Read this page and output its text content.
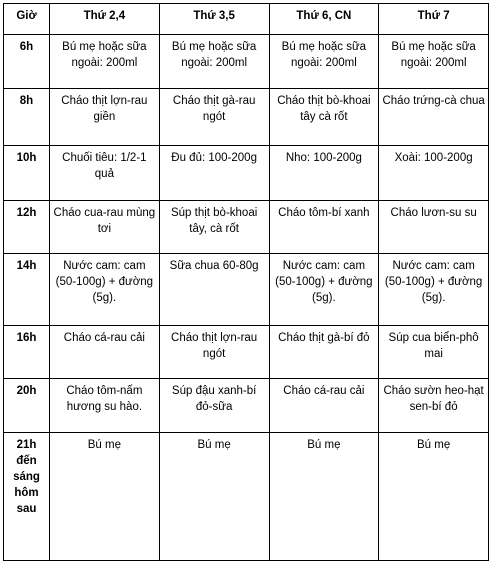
Giờ	Thứ 2,4	Thứ 3,5	Thứ 6, CN	Thứ 7
6h	Bú mẹ hoặc sữa ngoài: 200ml	Bú mẹ hoặc sữa ngoài: 200ml	Bú mẹ hoặc sữa ngoài: 200ml	Bú mẹ hoặc sữa ngoài: 200ml
8h	Cháo thịt lợn-rau giền	Cháo thịt gà-rau ngót	Cháo thịt bò-khoai tây cà rốt	Cháo trứng-cà chua
10h	Chuối tiêu: 1/2-1 quả	Đu đủ: 100-200g	Nho: 100-200g	Xoài: 100-200g
12h	Cháo cua-rau mùng tơi	Súp thịt bò-khoai tây, cà rốt	Cháo tôm-bí xanh	Cháo lươn-su su
14h	Nước cam: cam (50-100g) + đường (5g).	Sữa chua 60-80g	Nước cam: cam (50-100g) + đường (5g).	Nước cam: cam (50-100g) + đường (5g).
16h	Cháo cá-rau cải	Cháo thịt lợn-rau ngót	Cháo thịt gà-bí đỏ	Súp cua biển-phô mai
20h	Cháo tôm-nấm hương su hào.	Súp đậu xanh-bí đỏ-sữa	Cháo cá-rau cải	Cháo sườn heo-hạt sen-bí đỏ
21h đến sáng hôm sau	Bú mẹ	Bú mẹ	Bú mẹ	Bú mẹ
